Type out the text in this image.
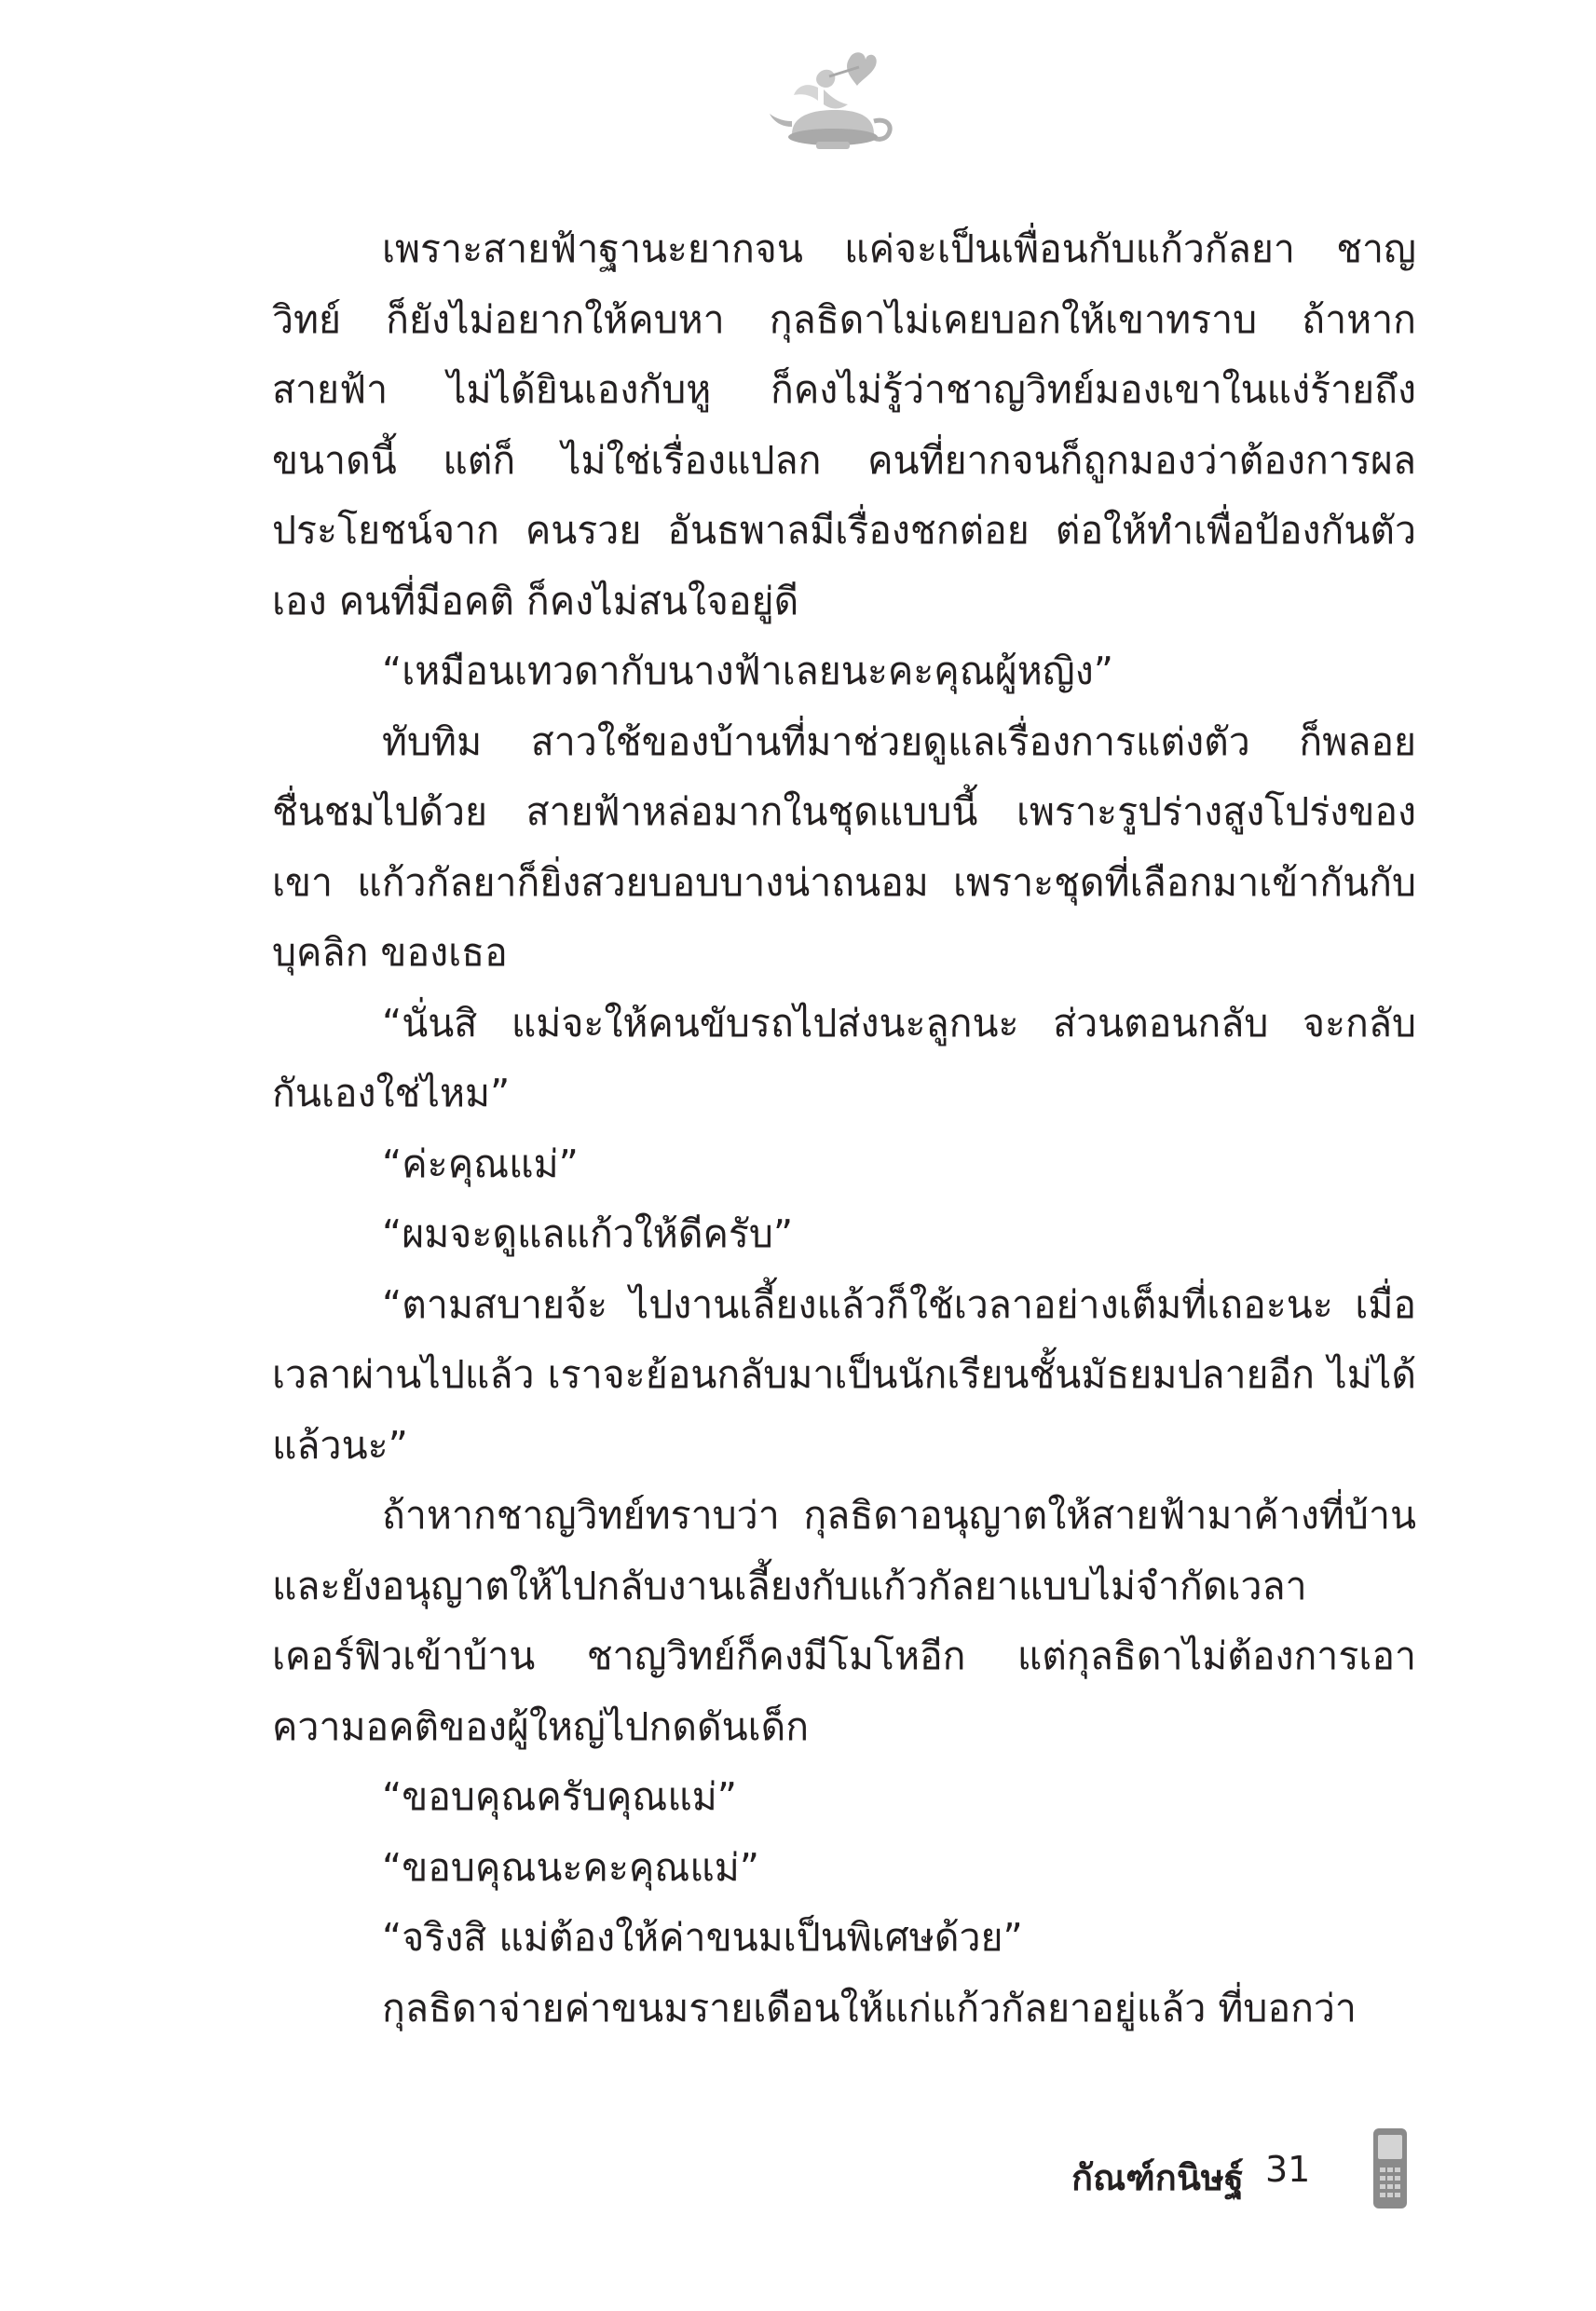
เพราะสายฟ้าฐานะยากจน แค่จะเป็นเพื่อนกับแก้วกัลยา ชาญวิทย์ ก็ยังไม่อยากให้คบหา กุลธิดาไม่เคยบอกให้เขาทราบ ถ้าหากสายฟ้า ไม่ได้ยินเองกับหู ก็คงไม่รู้ว่าชาญวิทย์มองเขาในแง่ร้ายถึงขนาดนี้ แต่ก็ ไม่ใช่เรื่องแปลก คนที่ยากจนก็ถูกมองว่าต้องการผลประโยชน์จาก คนรวย อันธพาลมีเรื่องชกต่อย ต่อให้ทำเพื่อป้องกันตัวเอง คนที่มีอคติ ก็คงไม่สนใจอยู่ดี

“เหมือนเทวดากับนางฟ้าเลยนะคะคุณผู้หญิง”

ทับทิม สาวใช้ของบ้านที่มาช่วยดูแลเรื่องการแต่งตัว ก็พลอย ชื่นชมไปด้วย สายฟ้าหล่อมากในชุดแบบนี้ เพราะรูปร่างสูงโปร่งของเขา แก้วกัลยาก็ยิ่งสวยบอบบางน่าถนอม เพราะชุดที่เลือกมาเข้ากันกับบุคลิก ของเธอ

“นั่นสิ แม่จะให้คนขับรถไปส่งนะลูกนะ ส่วนตอนกลับ จะกลับ กันเองใช่ไหม”

“ค่ะคุณแม่”

“ผมจะดูแลแก้วให้ดีครับ”

“ตามสบายจ้ะ ไปงานเลี้ยงแล้วก็ใช้เวลาอย่างเต็มที่เถอะนะ เมื่อเวลาผ่านไปแล้ว เราจะย้อนกลับมาเป็นนักเรียนชั้นมัธยมปลายอีก ไม่ได้แล้วนะ”

ถ้าหากชาญวิทย์ทราบว่า กุลธิดาอนุญาตให้สายฟ้ามาค้างที่บ้าน และยังอนุญาตให้ไปกลับงานเลี้ยงกับแก้วกัลยาแบบไม่จำกัดเวลา เคอร์ฟิวเข้าบ้าน ชาญวิทย์ก็คงมีโมโหอีก แต่กุลธิดาไม่ต้องการเอา ความอคติของผู้ใหญ่ไปกดดันเด็ก

“ขอบคุณครับคุณแม่”

“ขอบคุณนะคะคุณแม่”

“จริงสิ แม่ต้องให้ค่าขนมเป็นพิเศษด้วย”

กุลธิดาจ่ายค่าขนมรายเดือนให้แก่แก้วกัลยาอยู่แล้ว ที่บอกว่า

กัณฑ์กนิษฐ์ 31
